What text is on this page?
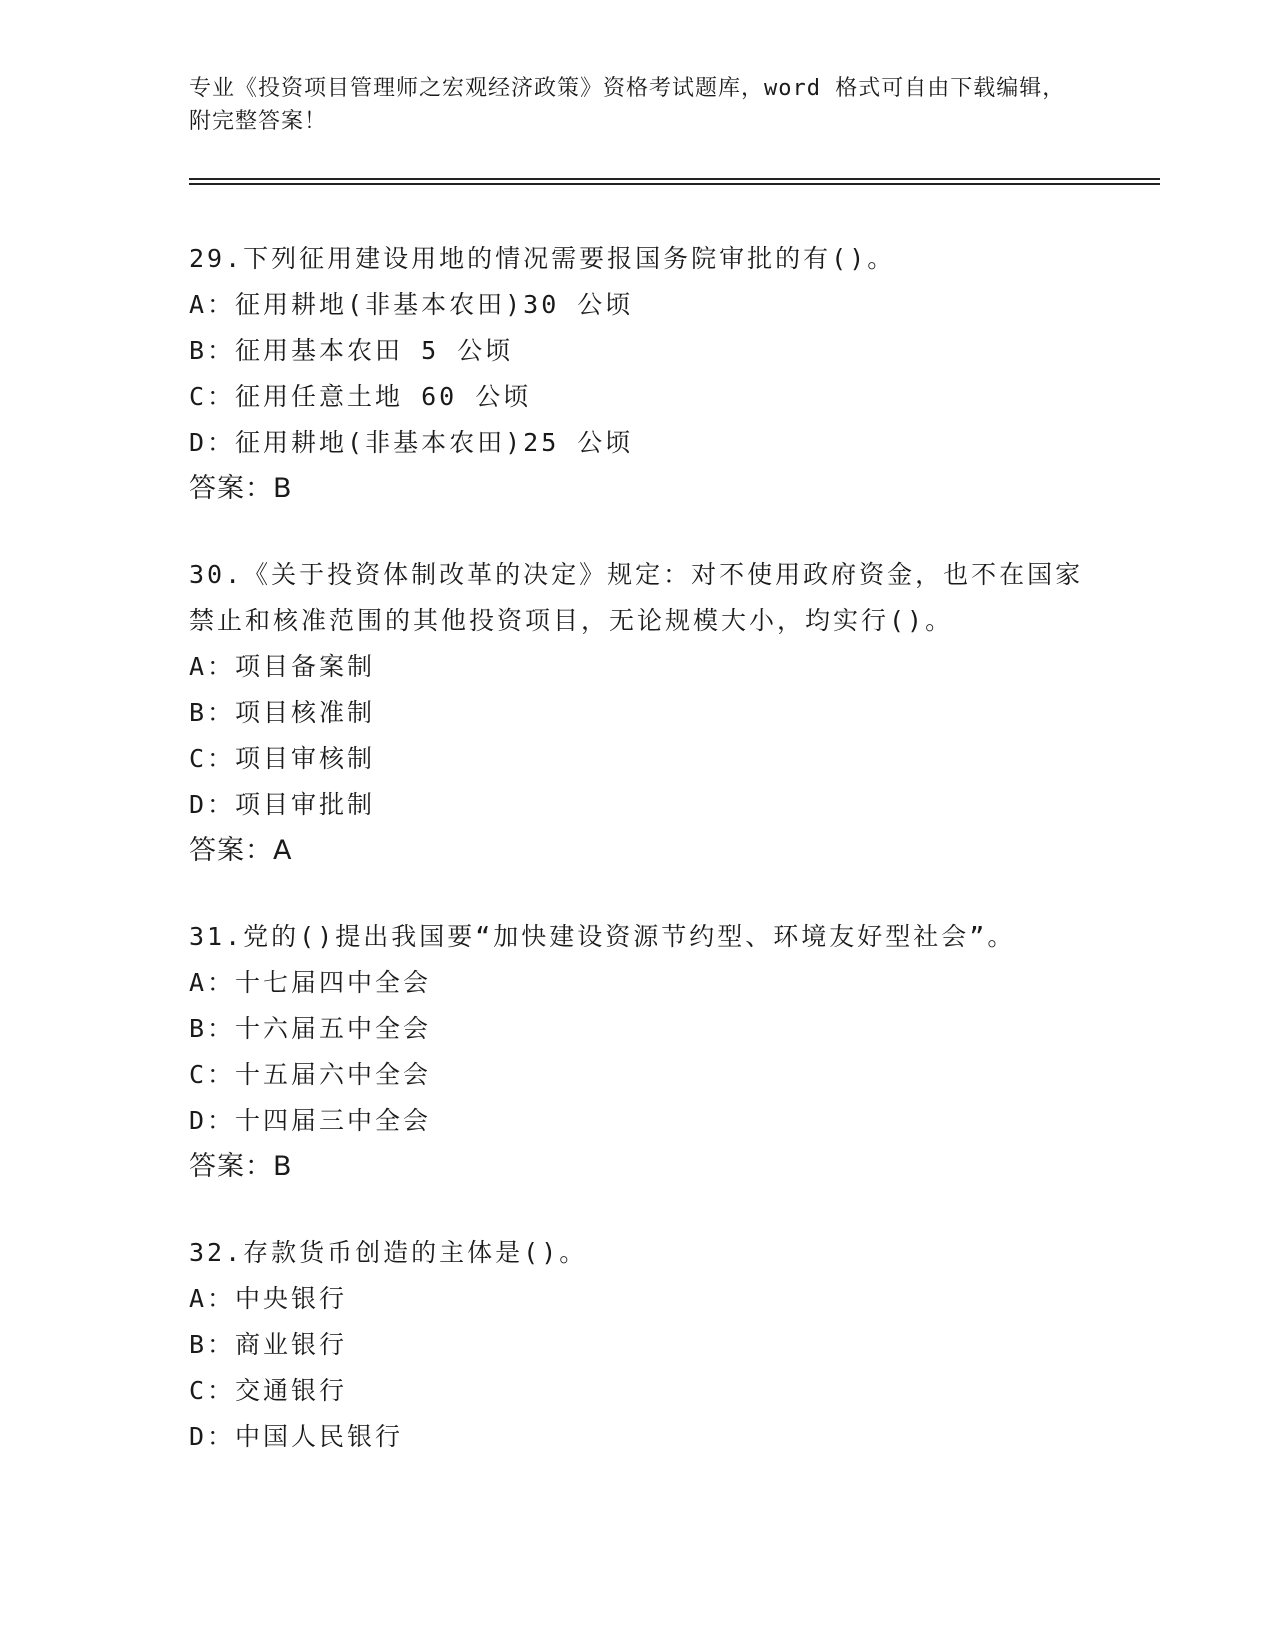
专业《投资项目管理师之宏观经济政策》资格考试题库，word 格式可自由下载编辑，附完整答案！
29.下列征用建设用地的情况需要报国务院审批的有()。
A：征用耕地(非基本农田)30 公顷
B：征用基本农田 5 公顷
C：征用任意土地 60 公顷
D：征用耕地(非基本农田)25 公顷
答案：B
30.《关于投资体制改革的决定》规定：对不使用政府资金，也不在国家禁止和核准范围的其他投资项目，无论规模大小，均实行()。
A：项目备案制
B：项目核准制
C：项目审核制
D：项目审批制
答案：A
31.党的()提出我国要“加快建设资源节约型、环境友好型社会”。
A：十七届四中全会
B：十六届五中全会
C：十五届六中全会
D：十四届三中全会
答案：B
32.存款货币创造的主体是()。
A：中央银行
B：商业银行
C：交通银行
D：中国人民银行
